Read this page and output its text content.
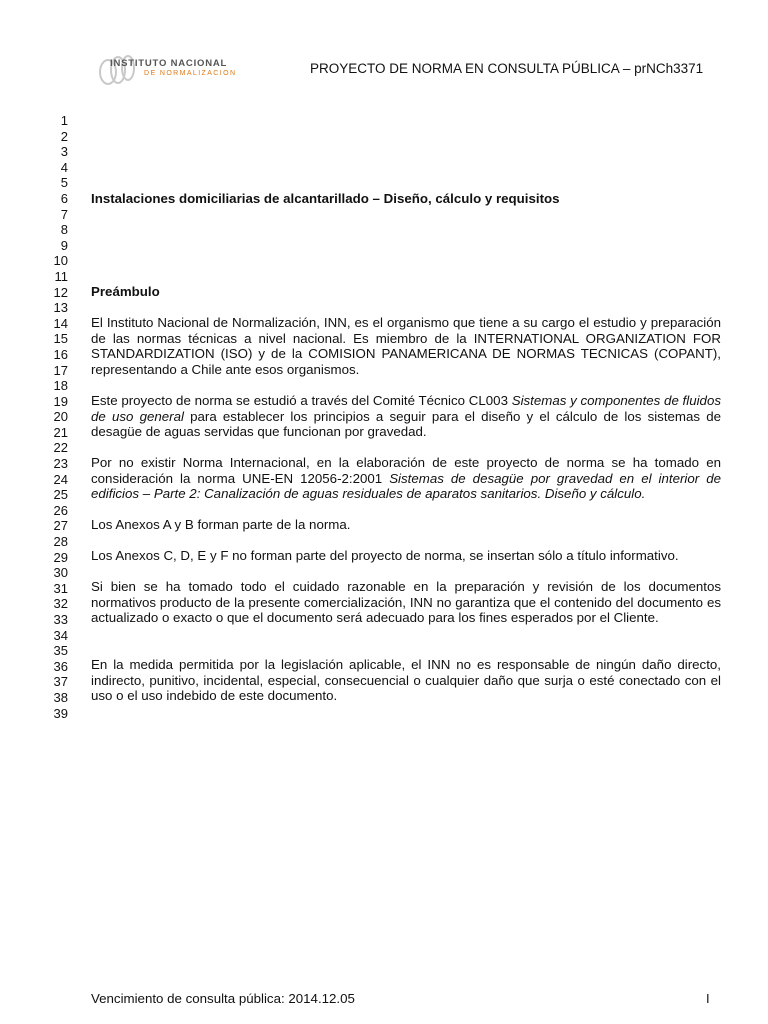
INSTITUTO NACIONAL
DE NORMALIZACION	PROYECTO DE NORMA EN CONSULTA PÚBLICA – prNCh3371
1
2
3
4
5
6
7
8
9
10
11
12
13
14
15
16
17
18
19
20
21
22
23
24
25
26
27
28
29
30
31
32
33
34
35
36
37
38
39
Instalaciones domiciliarias de alcantarillado – Diseño, cálculo y requisitos
Preámbulo
El Instituto Nacional de Normalización, INN, es el organismo que tiene a su cargo el estudio y preparación de las normas técnicas a nivel nacional. Es miembro de la INTERNATIONAL ORGANIZATION FOR STANDARDIZATION (ISO) y de la COMISION PANAMERICANA DE NORMAS TECNICAS (COPANT), representando a Chile ante esos organismos.
Este proyecto de norma se estudió a través del Comité Técnico CL003 Sistemas y componentes de fluidos de uso general para establecer los principios a seguir para el diseño y el cálculo de los sistemas de desagüe de aguas servidas que funcionan por gravedad.
Por no existir Norma Internacional, en la elaboración de este proyecto de norma se ha tomado en consideración la norma UNE-EN 12056-2:2001 Sistemas de desagüe por gravedad en el interior de edificios – Parte 2: Canalización de aguas residuales de aparatos sanitarios. Diseño y cálculo.
Los Anexos A y B forman parte de la norma.
Los Anexos C, D, E y F no forman parte del proyecto de norma, se insertan sólo a título informativo.
Si bien se ha tomado todo el cuidado razonable en la preparación y revisión de los documentos normativos producto de la presente comercialización, INN no garantiza que el contenido del documento es actualizado o exacto o que el documento será adecuado para los fines esperados por el Cliente.
En la medida permitida por la legislación aplicable, el INN no es responsable de ningún daño directo, indirecto, punitivo, incidental, especial, consecuencial o cualquier daño que surja o esté conectado con el uso o el uso indebido de este documento.
Vencimiento de consulta pública: 2014.12.05	I
